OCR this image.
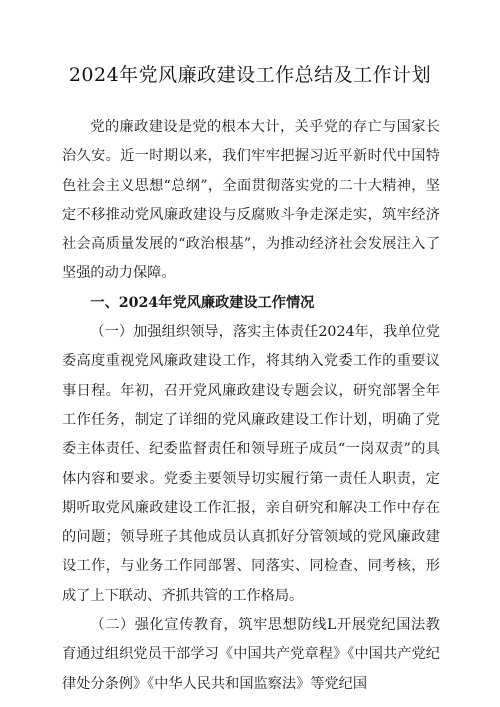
2024年党风廉政建设工作总结及工作计划

党的廉政建设是党的根本大计，关乎党的存亡与国家长治久安。近一时期以来，我们牢牢把握习近平新时代中国特色社会主义思想“总纲”，全面贯彻落实党的二十大精神，坚定不移推动党风廉政建设与反腐败斗争走深走实，筑牢经济社会高质量发展的“政治根基”，为推动经济社会发展注入了坚强的动力保障。

一、2024年党风廉政建设工作情况

（一）加强组织领导，落实主体责任2024年，我单位党委高度重视党风廉政建设工作，将其纳入党委工作的重要议事日程。年初，召开党风廉政建设专题会议，研究部署全年工作任务，制定了详细的党风廉政建设工作计划，明确了党委主体责任、纪委监督责任和领导班子成员“一岗双责”的具体内容和要求。党委主要领导切实履行第一责任人职责，定期听取党风廉政建设工作汇报，亲自研究和解决工作中存在的问题；领导班子其他成员认真抓好分管领域的党风廉政建设工作，与业务工作同部署、同落实、同检查、同考核，形成了上下联动、齐抓共管的工作格局。

（二）强化宣传教育，筑牢思想防线L开展党纪国法教育通过组织党员干部学习《中国共产党章程》《中国共产党纪律处分条例》《中华人民共和国监察法》等党纪国
